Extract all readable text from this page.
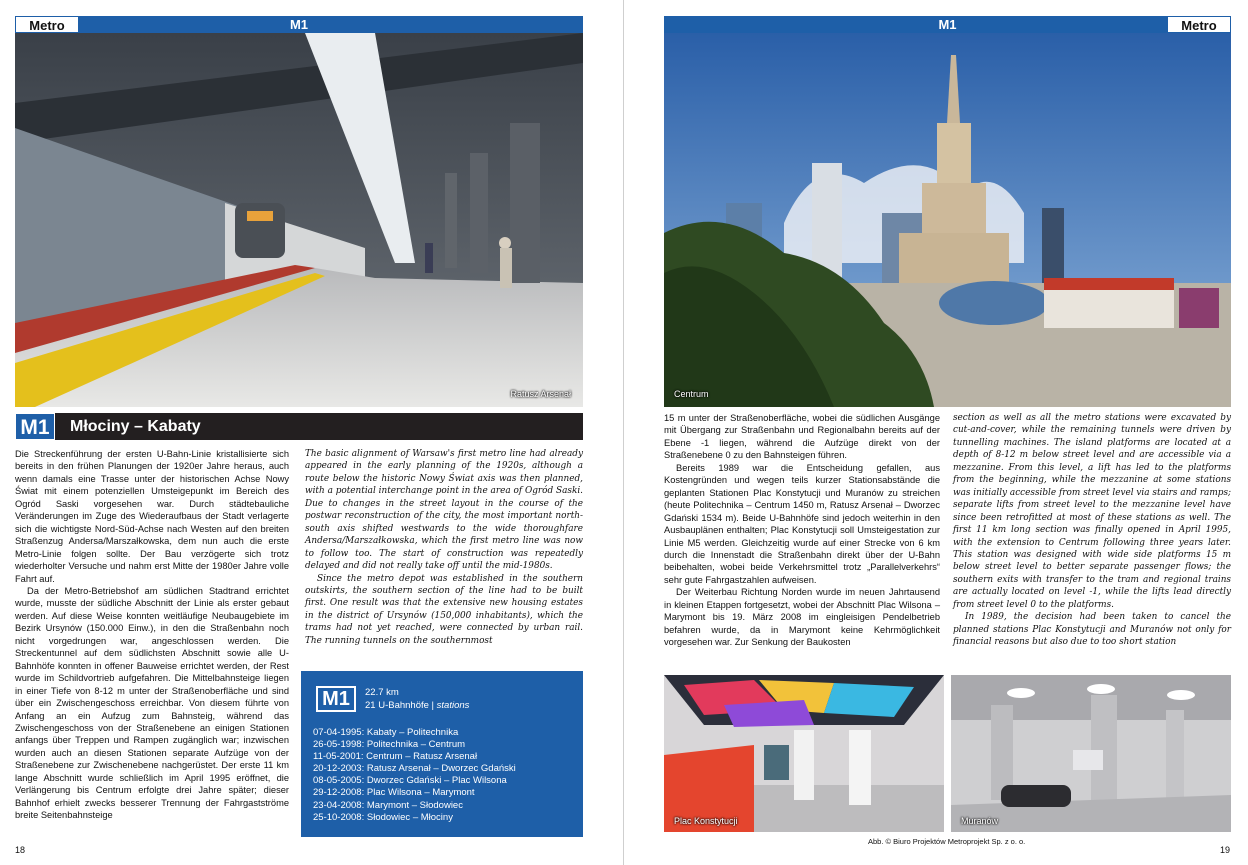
M1
Metro
Ratusz Arsenał
M1	Młociny – Kabaty

Die Streckenführung der ersten U-Bahn-Linie kristallisierte sich bereits in den frühen Planungen der 1920er Jahre heraus, auch wenn damals eine Trasse unter der historischen Achse Nowy Świat mit einem potenziellen Umsteigepunkt im Bereich des Ogród Saski vorgesehen war. Durch städtebauliche Veränderungen im Zuge des Wiederaufbaus der Stadt verlagerte sich die wichtigste Nord-Süd-Achse nach Westen auf den breiten Straßenzug Andersa/Marszałkowska, dem nun auch die erste Metro-Linie folgen sollte. Der Bau verzögerte sich trotz wiederholter Versuche und nahm erst Mitte der 1980er Jahre volle Fahrt auf.

Da der Metro-Betriebshof am südlichen Stadtrand errichtet wurde, musste der südliche Abschnitt der Linie als erster gebaut werden. Auf diese Weise konnten weitläufige Neubaugebiete im Bezirk Ursynów (150.000 Einw.), in den die Straßenbahn noch nicht vorgedrungen war, angeschlossen werden. Die Streckentunnel auf dem südlichsten Abschnitt sowie alle U-Bahnhöfe konnten in offener Bauweise errichtet werden, der Rest wurde im Schildvortrieb aufgefahren. Die Mittelbahnsteige liegen in einer Tiefe von 8-12 m unter der Straßenoberfläche und sind über ein Zwischengeschoss erreichbar. Von diesem führte von Anfang an ein Aufzug zum Bahnsteig, während das Zwischengeschoss von der Straßenebene an einigen Stationen anfangs über Treppen und Rampen zugänglich war; inzwischen wurden auch an diesen Stationen separate Aufzüge von der Straßenebene zur Zwischenebene nachgerüstet. Der erste 11 km lange Abschnitt wurde schließlich im April 1995 eröffnet, die Verlängerung bis Centrum erfolgte drei Jahre später; dieser Bahnhof erhielt zwecks besserer Trennung der Fahrgastströme breite Seitenbahnsteige

The basic alignment of Warsaw's first metro line had already appeared in the early planning of the 1920s, although a route below the historic Nowy Świat axis was then planned, with a potential interchange point in the area of Ogród Saski. Due to changes in the street layout in the course of the postwar reconstruction of the city, the most important north-south axis shifted westwards to the wide thoroughfare Andersa/Marszałkowska, which the first metro line was now to follow too. The start of construction was repeatedly delayed and did not really take off until the mid-1980s.

Since the metro depot was established in the southern outskirts, the southern section of the line had to be built first. One result was that the extensive new housing estates in the district of Ursynów (150,000 inhabitants), which the trams had not yet reached, were connected by urban rail. The running tunnels on the southernmost

M1	22.7 km
21 U-Bahnhöfe | stations
07-04-1995: Kabaty – Politechnika
26-05-1998: Politechnika – Centrum
11-05-2001: Centrum – Ratusz Arsenał
20-12-2003: Ratusz Arsenał – Dworzec Gdański
08-05-2005: Dworzec Gdański – Plac Wilsona
29-12-2008: Plac Wilsona – Marymont
23-04-2008: Marymont – Słodowiec
25-10-2008: Słodowiec – Młociny
18
M1	Metro
Centrum

15 m unter der Straßenoberfläche, wobei die südlichen Ausgänge mit Übergang zur Straßenbahn und Regionalbahn bereits auf der Ebene -1 liegen, während die Aufzüge direkt von der Straßenebene 0 zu den Bahnsteigen führen.

Bereits 1989 war die Entscheidung gefallen, aus Kostengründen und wegen teils kurzer Stationsabstände die geplanten Stationen Plac Konstytucji und Muranów zu streichen (heute Politechnika – Centrum 1450 m, Ratusz Arsenał – Dworzec Gdański 1534 m). Beide U-Bahnhöfe sind jedoch weiterhin in den Ausbauplänen enthalten; Plac Konstytucji soll Umsteigestation zur Linie M5 werden. Gleichzeitig wurde auf einer Strecke von 6 km durch die Innenstadt die Straßenbahn direkt über der U-Bahn beibehalten, wobei beide Verkehrsmittel trotz „Parallelverkehrs“ sehr gute Fahrgastzahlen aufweisen.

Der Weiterbau Richtung Norden wurde im neuen Jahrtausend in kleinen Etappen fortgesetzt, wobei der Abschnitt Plac Wilsona – Marymont bis 19. März 2008 im eingleisigen Pendelbetrieb befahren wurde, da in Marymont keine Kehrmöglichkeit vorgesehen war. Zur Senkung der Baukosten

section as well as all the metro stations were excavated by cut-and-cover, while the remaining tunnels were driven by tunnelling machines. The island platforms are located at a depth of 8-12 m below street level and are accessible via a mezzanine. From this level, a lift has led to the platforms from the beginning, while the mezzanine at some stations was initially accessible from street level via stairs and ramps; separate lifts from street level to the mezzanine level have since been retrofitted at most of these stations as well. The first 11 km long section was finally opened in April 1995, with the extension to Centrum following three years later. This station was designed with wide side platforms 15 m below street level to better separate passenger flows; the southern exits with transfer to the tram and regional trains are actually located on level -1, while the lifts lead directly from street level 0 to the platforms.

In 1989, the decision had been taken to cancel the planned stations Plac Konstytucji and Muranów not only for financial reasons but also due to too short station

Plac Konstytucji	Muranów
Abb. © Biuro Projektów Metroprojekt Sp. z o. o.
19
